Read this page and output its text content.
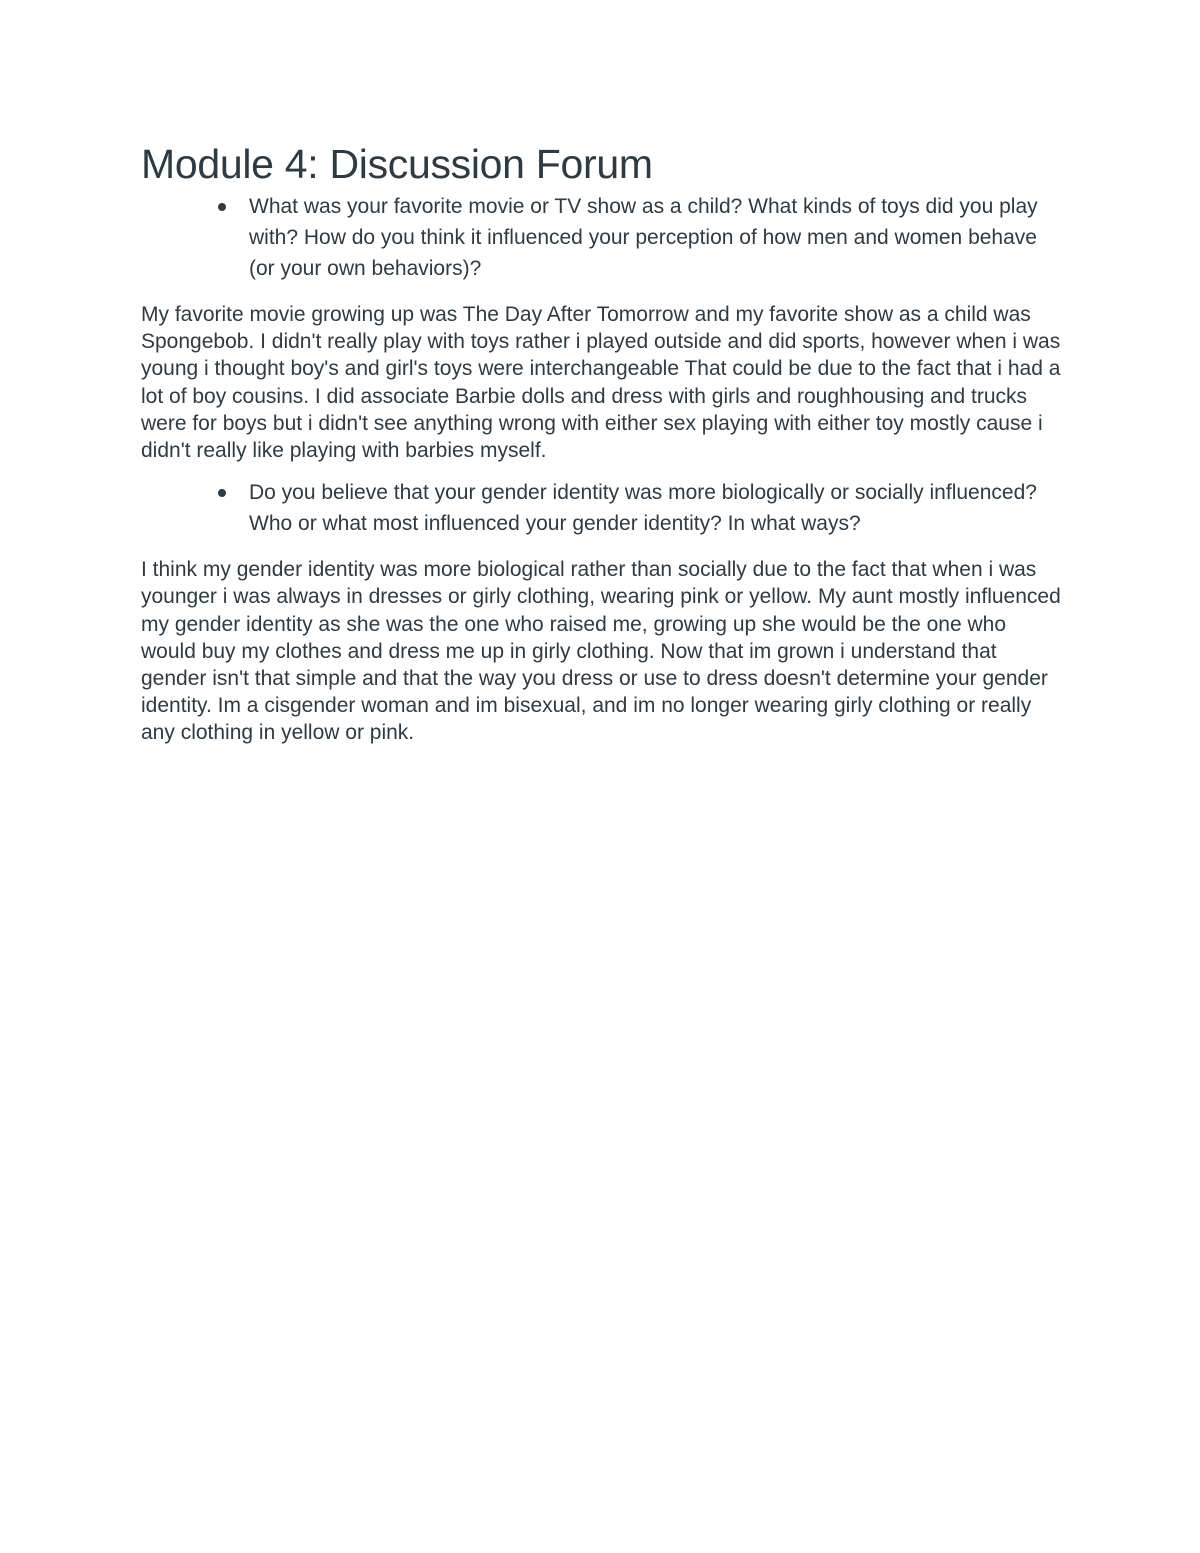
Module 4: Discussion Forum
What was your favorite movie or TV show as a child? What kinds of toys did you play with? How do you think it influenced your perception of how men and women behave (or your own behaviors)?

My favorite movie growing up was The Day After Tomorrow and my favorite show as a child was Spongebob. I didn't really play with toys rather i played outside and did sports, however when i was young i thought boy's and girl's toys were interchangeable That could be due to the fact that i had a lot of boy cousins. I did associate Barbie dolls and dress with girls and roughhousing and trucks were for boys but i didn't see anything wrong with either sex playing with either toy mostly cause i didn't really like playing with barbies myself.

Do you believe that your gender identity was more biologically or socially influenced? Who or what most influenced your gender identity? In what ways?

I think my gender identity was more biological rather than socially due to the fact that when i was younger i was always in dresses or girly clothing, wearing pink or yellow. My aunt mostly influenced my gender identity as she was the one who raised me, growing up she would be the one who would buy my clothes and dress me up in girly clothing. Now that im grown i understand that gender isn't that simple and that the way you dress or use to dress doesn't determine your gender identity. Im a cisgender woman and im bisexual, and im no longer wearing girly clothing or really any clothing in yellow or pink.
